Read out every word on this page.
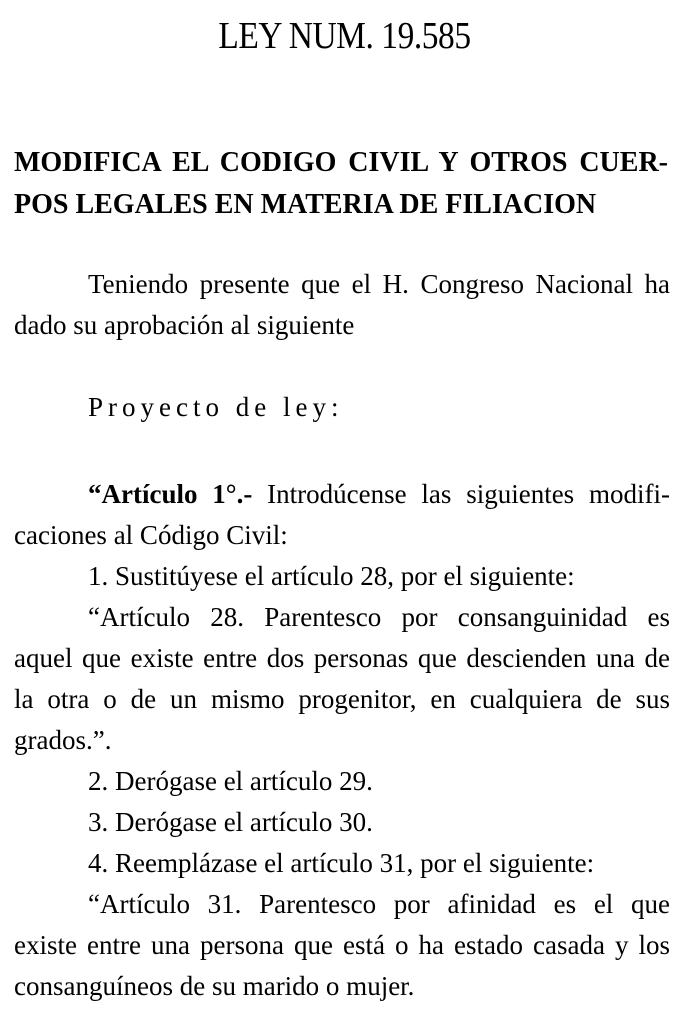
LEY NUM. 19.585
MODIFICA EL CODIGO CIVIL Y OTROS CUER-
POS LEGALES EN MATERIA DE FILIACION
Teniendo presente que el H. Congreso Nacional ha
dado su aprobación al siguiente
Proyecto de ley:
“Artículo 1°.- Introdúcense las siguientes modifi-
caciones al Código Civil:
1. Sustitúyese el artículo 28, por el siguiente:
“Artículo 28. Parentesco por consanguinidad es
aquel que existe entre dos personas que descienden una de
la otra o de un mismo progenitor, en cualquiera de sus
grados.”.
2. Derógase el artículo 29.
3. Derógase el artículo 30.
4. Reemplázase el artículo 31, por el siguiente:
“Artículo 31. Parentesco por afinidad es el que
existe entre una persona que está o ha estado casada y los
consanguíneos de su marido o mujer.
